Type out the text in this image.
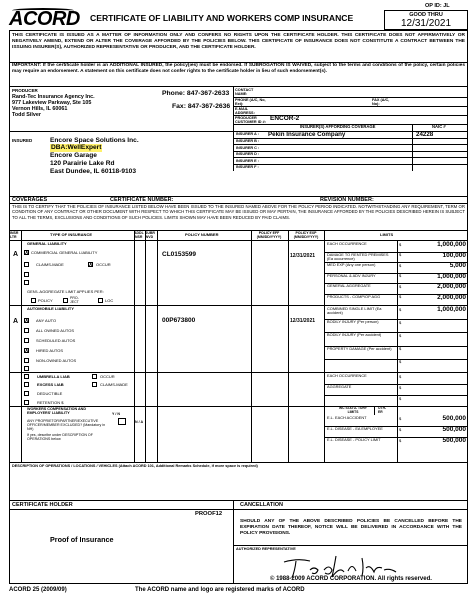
ACORD CERTIFICATE OF LIABILITY AND WORKERS COMP INSURANCE
OP ID: JL
GOOD THRU
12/31/2021
THIS CERTIFICATE IS ISSUED AS A MATTER OF INFORMATION ONLY AND CONFERS NO RIGHTS UPON THE CERTIFICATE HOLDER. THIS CERTIFICATE DOES NOT AFFIRMATIVELY OR NEGATIVELY AMEND, EXTEND OR ALTER THE COVERAGE AFFORDED BY THE POLICIES BELOW. THIS CERTIFICATE OF INSURANCE DOES NOT CONSTITUTE A CONTRACT BETWEEN THE ISSUING INSURER(S), AUTHORIZED REPRESENTATIVE OR PRODUCER, AND THE CERTIFICATE HOLDER.
IMPORTANT: If the certificate holder is an ADDITIONAL INSURED, the policy(ies) must be endorsed. If SUBROGATION IS WAIVED, subject to the terms and conditions of the policy, certain policies may require an endorsement. A statement on this certificate does not confer rights to the certificate holder in lieu of such endorsement(s).
PRODUCER
Rand-Tec Insurance Agency Inc.
977 Lakeview Parkway, Ste 105
Vernon Hills, IL 60061
Todd Silver
Phone: 847-367-2633
Fax: 847-367-2636
CONTACT NAME:
PHONE (A/C, No, Ext):
FAX (A/C, No):
E-MAIL ADDRESS:
PRODUCER CUSTOMER ID #:
ENCOR-2
INSURER(S) AFFORDING COVERAGE	NAIC #
INSURER A : Pekin Insurance Company	24228
INSURER B :
INSURER C :
INSURER D :
INSURER E :
INSURER F :
INSURED	Encore Space Solutions Inc.
DBA:WellExpert
Encore Garage
120 Parairie Lake Rd
East Dundee, IL 60118-9103
COVERAGES	CERTIFICATE NUMBER:	REVISION NUMBER:
THIS IS TO CERTIFY THAT THE POLICIES OF INSURANCE LISTED BELOW HAVE BEEN ISSUED TO THE INSURED NAMED ABOVE FOR THE POLICY PERIOD INDICATED. NOTWITHSTANDING ANY REQUIREMENT, TERM OR CONDITION OF ANY CONTRACT OR OTHER DOCUMENT WITH RESPECT TO WHICH THIS CERTIFICATE MAY BE ISSUED OR MAY PERTAIN, THE INSURANCE AFFORDED BY THE POLICIES DESCRIBED HEREIN IS SUBJECT TO ALL THE TERMS, EXCLUSIONS AND CONDITIONS OF SUCH POLICIES. LIMITS SHOWN MAY HAVE BEEN REDUCED BY PAID CLAIMS.
INSR LTR
TYPE OF INSURANCE	ADDL INSR
SUBR WVD
POLICY NUMBER	POLICY EFF (MM/DD/YYYY)
POLICY EXP (MM/DD/YYYY)
LIMITS
A
GENERAL LIABILITY
X COMMERCIAL GENERAL LIABILITY
CLAIMS-MADE	X OCCUR
GEN'L AGGREGATE LIMIT APPLIES PER:
POLICY	PRO- JECT	LOC
CL0153599	12/31/2021
EACH OCCURRENCE	$	1,000,000
DAMAGE TO RENTED PREMISES (Ea occurrence)
$	100,000
MED EXP (Any one person)	$	5,000
PERSONAL & ADV INJURY	$	1,000,000
GENERAL AGGREGATE	$	2,000,000
PRODUCTS - COMP/OP AGG	$	2,000,000
A
AUTOMOBILE LIABILITY
X ANY AUTO
ALL OWNED AUTOS
SCHEDULED AUTOS
X HIRED AUTOS
NON-OWNED AUTOS
00P673800	12/31/2021
COMBINED SINGLE LIMIT (Ea accident)
$	1,000,000
BODILY INJURY (Per person)	$
BODILY INJURY (Per accident)	$
PROPERTY DAMAGE (Per accident)	$
$
UMBRELLA LIAB	OCCUR
EXCESS LIAB	CLAIMS-MADE
DEDUCTIBLE
RETENTION $
EACH OCCURRENCE	$
AGGREGATE	$
$
WORKERS COMPENSATION AND EMPLOYERS' LIABILITY	Y / N
ANY PROPRIETOR/PARTNER/EXECUTIVE OFFICER/MEMBER EXCLUDED? (Mandatory in NH)
N / A
If yes, describe under DESCRIPTION OF OPERATIONS below
WC STATU- TORY LIMITS
OTH- ER
E.L. EACH ACCIDENT	$	500,000
E.L. DISEASE - EA EMPLOYEE	$	500,000
E.L. DISEASE - POLICY LIMIT	$	500,000
DESCRIPTION OF OPERATIONS / LOCATIONS / VEHICLES (Attach ACORD 101, Additional Remarks Schedule, if more space is required)
CERTIFICATE HOLDER	CANCELLATION
PROOF12
Proof of Insurance
SHOULD ANY OF THE ABOVE DESCRIBED POLICIES BE CANCELLED BEFORE THE EXPIRATION DATE THEREOF, NOTICE WILL BE DELIVERED IN ACCORDANCE WITH THE POLICY PROVISIONS.
AUTHORIZED REPRESENTATIVE
© 1988-2009 ACORD CORPORATION. All rights reserved.
ACORD 25 (2009/09)	The ACORD name and logo are registered marks of ACORD
